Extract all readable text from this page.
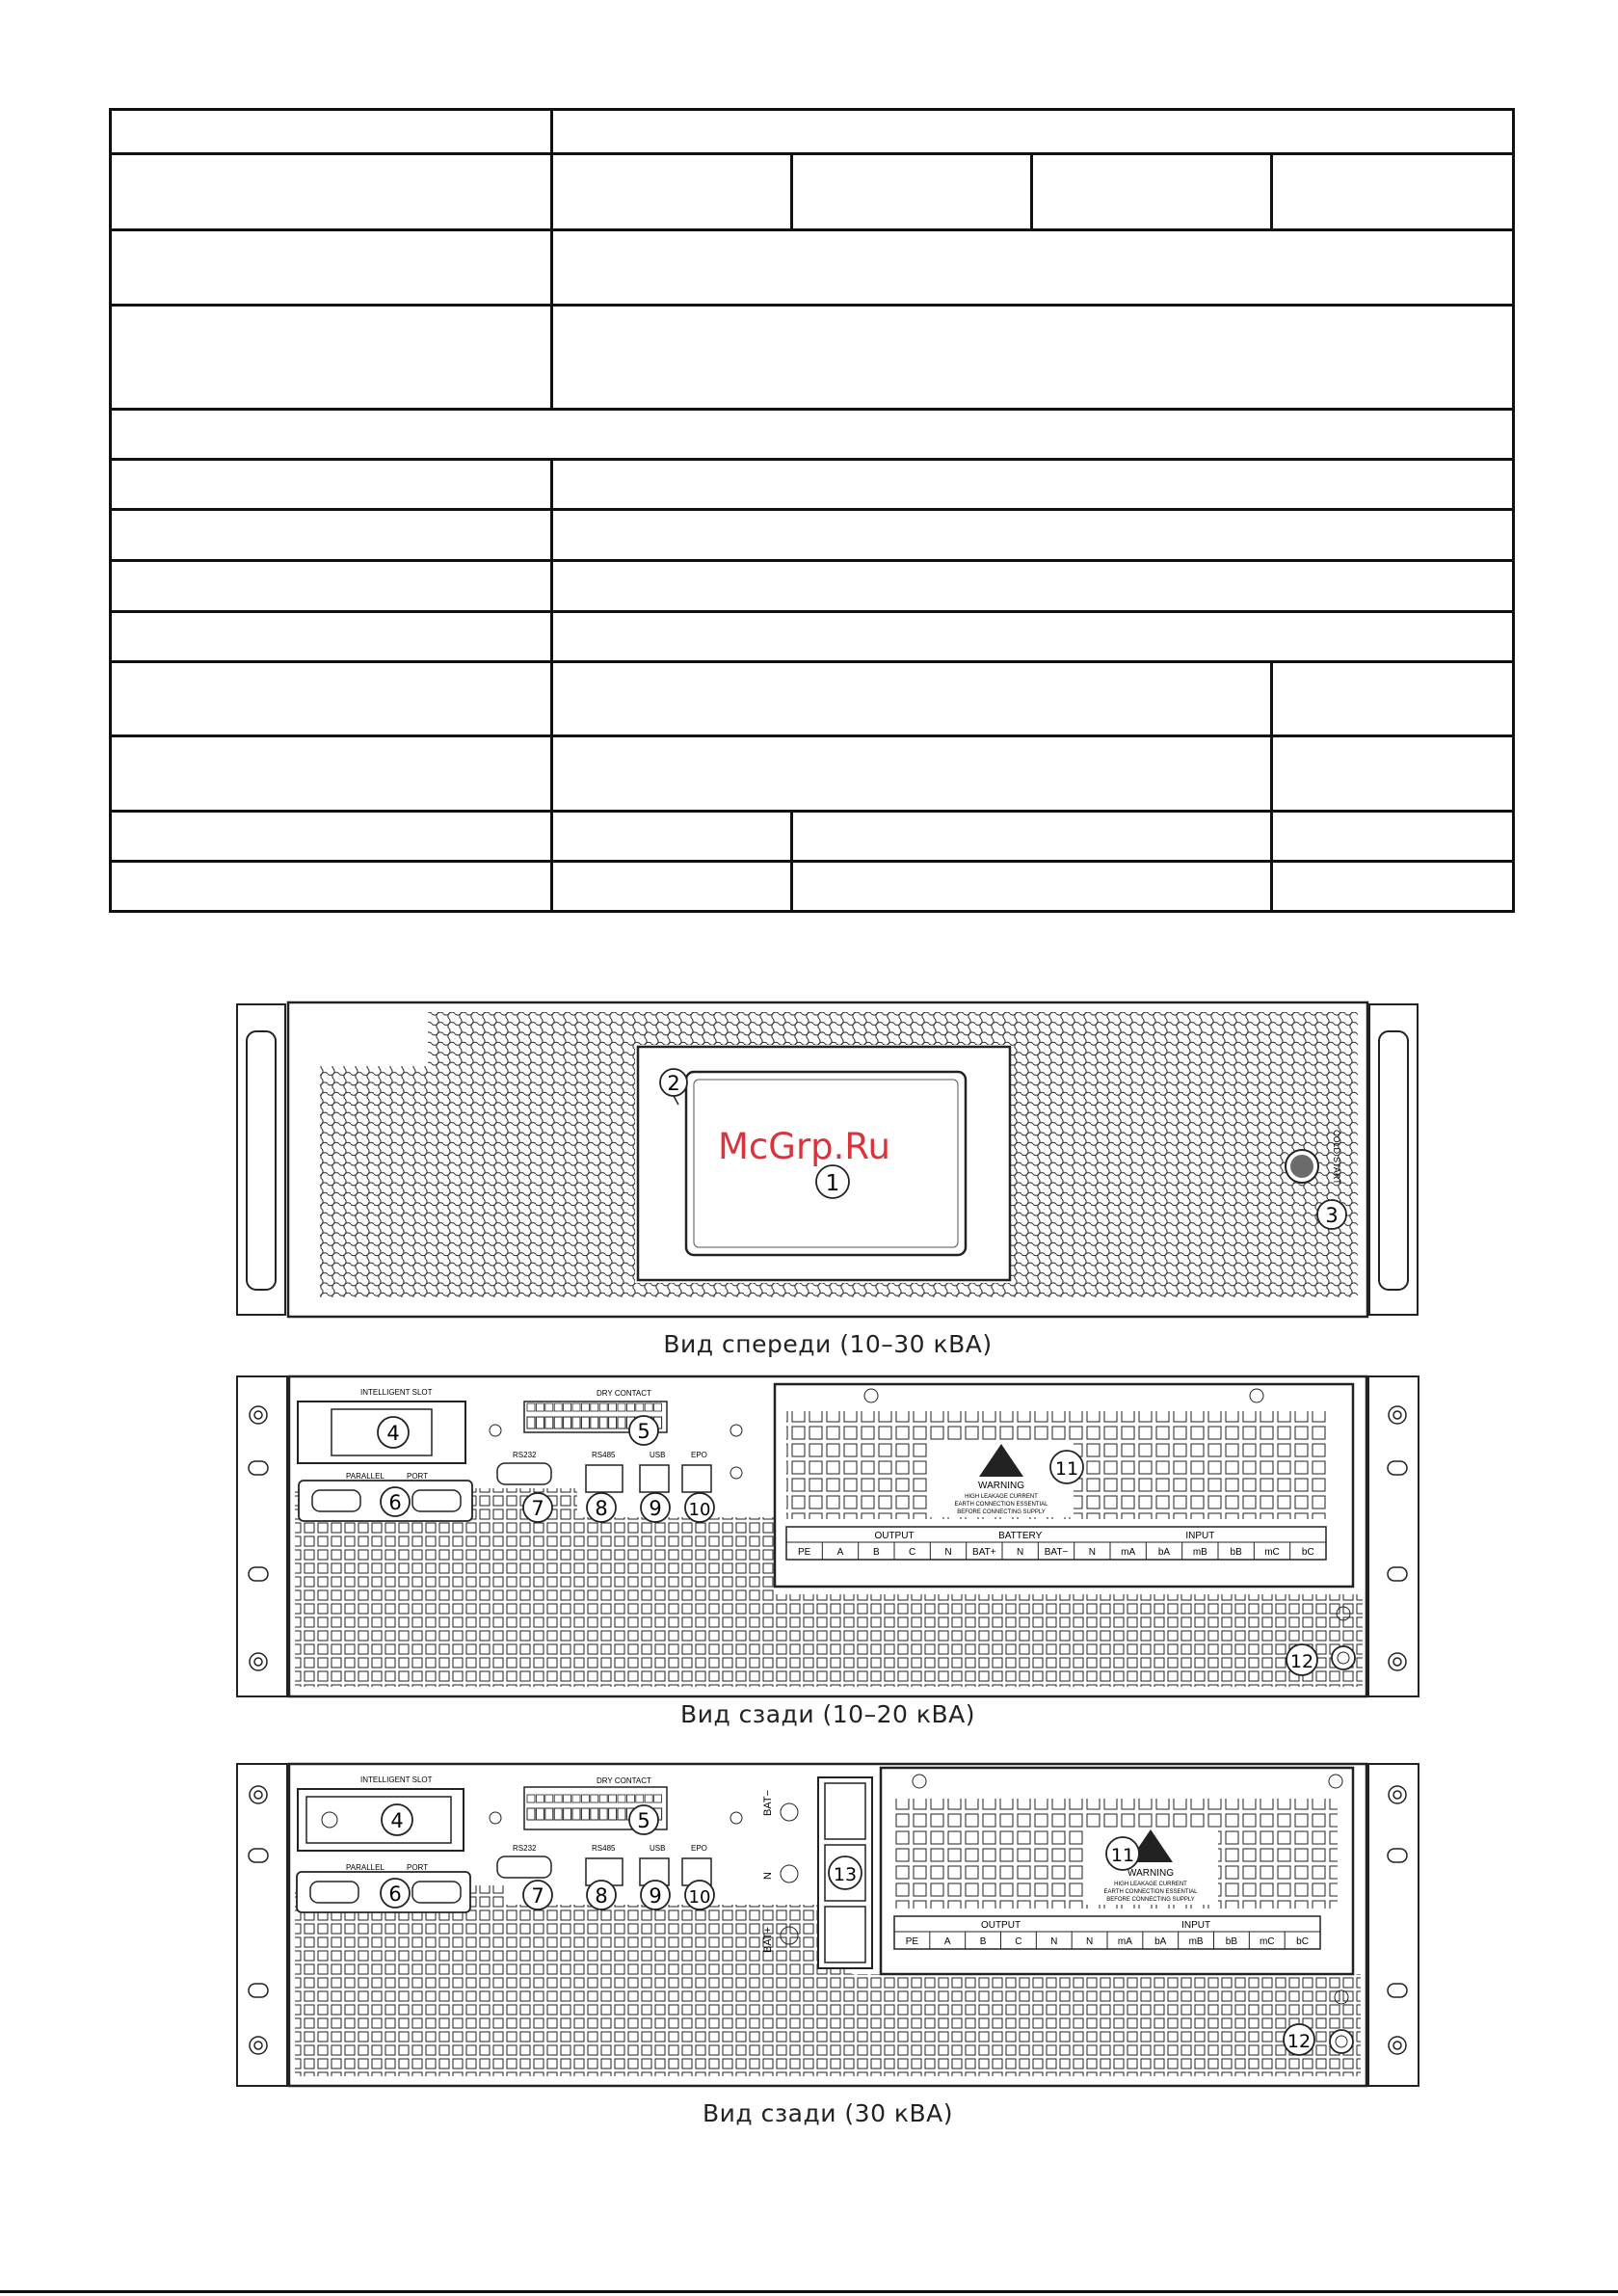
COLD
START
2
1
3
Вид спереди (10–30 кВА)
McGrp.Ru
WARNING
HIGH LEAKAGE CURRENT
EARTH CONNECTION ESSENTIAL
BEFORE CONNECTING SUPPLY
PE	A	B	C	N BAT+ N BAT− N	mA bA mB bB mC bC
OUTPUT	BATTERY	INPUT
INTELLIGENT SLOT	DRY CONTACT
PARALLEL	PORT
RS232	RS485	USB	EPO
4	5
6	7	8 9 10
11
12
Вид сзади (10–20 кВА)
WARNING
HIGH LEAKAGE CURRENT
EARTH CONNECTION ESSENTIAL
BEFORE CONNECTING SUPPLY
PE	A	B	C	N	N	mA bA mB bB mC bC
OUTPUT	INPUT
BAT−
N
BAT+
INTELLIGENT SLOT	DRY CONTACT
PARALLEL	PORT
RS232	RS485	USB	EPO
4	5
6	7	8 9 10
11
12
13
Вид сзади (30 кВА)
